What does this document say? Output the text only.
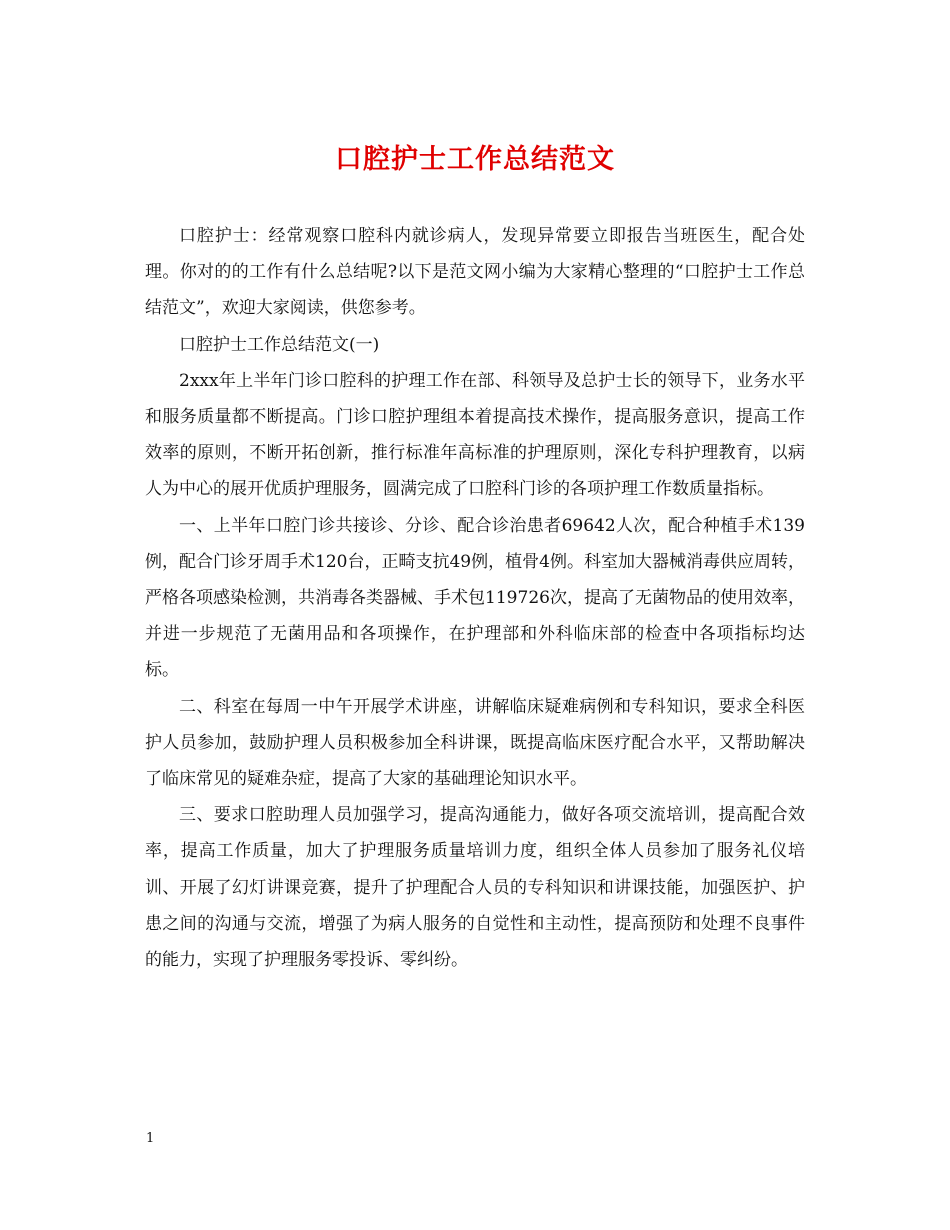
口腔护士工作总结范文

口腔护士：经常观察口腔科内就诊病人，发现异常要立即报告当班医生，配合处理。你对的的工作有什么总结呢?以下是范文网小编为大家精心整理的“口腔护士工作总结范文”，欢迎大家阅读，供您参考。

口腔护士工作总结范文(一)

2xxx年上半年门诊口腔科的护理工作在部、科领导及总护士长的领导下，业务水平和服务质量都不断提高。门诊口腔护理组本着提高技术操作，提高服务意识，提高工作效率的原则，不断开拓创新，推行标准年高标准的护理原则，深化专科护理教育，以病人为中心的展开优质护理服务，圆满完成了口腔科门诊的各项护理工作数质量指标。

一、上半年口腔门诊共接诊、分诊、配合诊治患者69642人次，配合种植手术139例，配合门诊牙周手术120台，正畸支抗49例，植骨4例。科室加大器械消毒供应周转，严格各项感染检测，共消毒各类器械、手术包119726次，提高了无菌物品的使用效率，并进一步规范了无菌用品和各项操作，在护理部和外科临床部的检查中各项指标均达标。

二、科室在每周一中午开展学术讲座，讲解临床疑难病例和专科知识，要求全科医护人员参加，鼓励护理人员积极参加全科讲课，既提高临床医疗配合水平，又帮助解决了临床常见的疑难杂症，提高了大家的基础理论知识水平。

三、要求口腔助理人员加强学习，提高沟通能力，做好各项交流培训，提高配合效率，提高工作质量，加大了护理服务质量培训力度，组织全体人员参加了服务礼仪培训、开展了幻灯讲课竞赛，提升了护理配合人员的专科知识和讲课技能，加强医护、护患之间的沟通与交流，增强了为病人服务的自觉性和主动性，提高预防和处理不良事件的能力，实现了护理服务零投诉、零纠纷。

1
